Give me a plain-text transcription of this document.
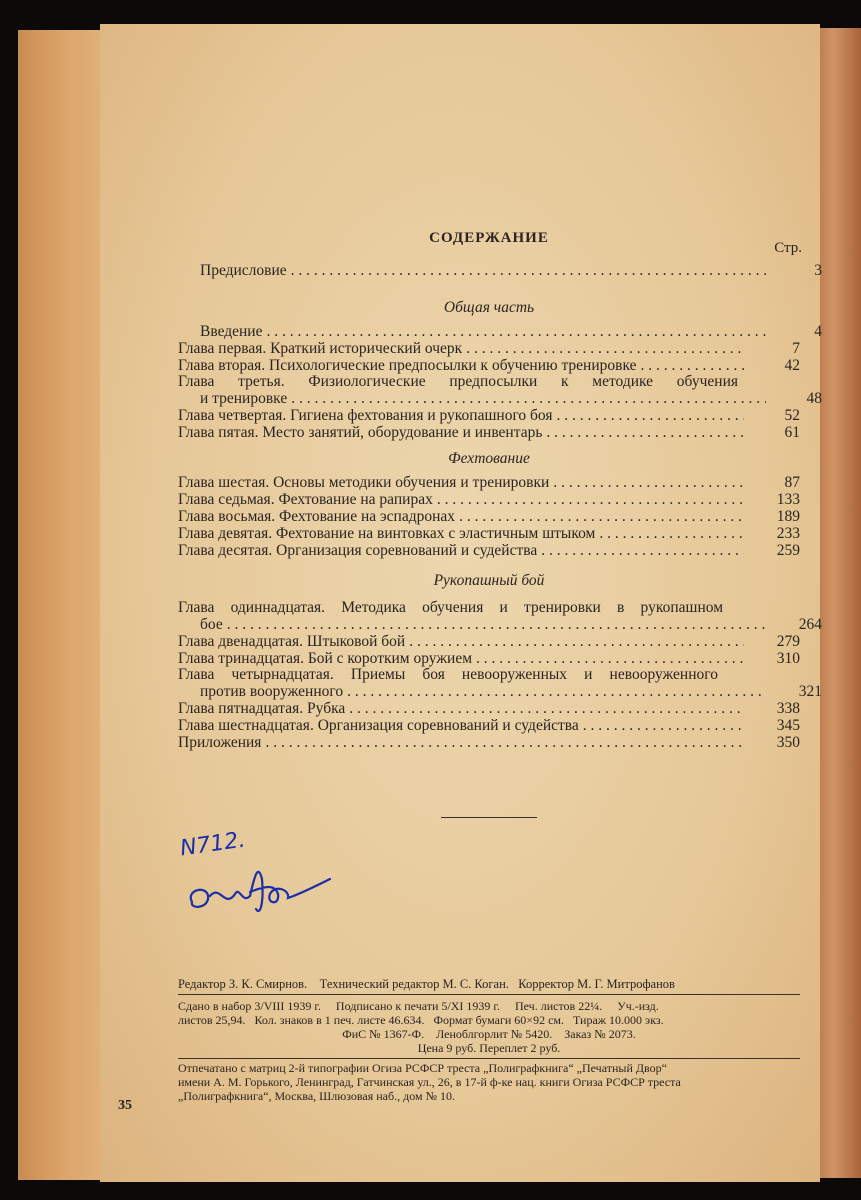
СОДЕРЖАНИЕ
Стр.
Предисловие . . .	3
Общая часть
Введение . . .	4
Глава первая. Краткий исторический очерк . . .	7
Глава вторая. Психологические предпосылки к обучению тренировке . . .	42
Глава третья. Физиологические предпосылки к методике обучения
и тренировке . . .	48
Глава четвертая. Гигиена фехтования и рукопашного боя . . .	52
Глава пятая. Место занятий, оборудование и инвентарь . . .	61
Фехтование
Глава шестая. Основы методики обучения и тренировки . . .	87
Глава седьмая. Фехтование на рапирах . . .	133
Глава восьмая. Фехтование на эспадронах . . .	189
Глава девятая. Фехтование на винтовках с эластичным штыком . . .	233
Глава десятая. Организация соревнований и судейства . . .	259
Рукопашный бой
Глава одиннадцатая. Методика обучения и тренировки в рукопашном
бое . . .	264
Глава двенадцатая. Штыковой бой . . .	279
Глава тринадцатая. Бой с коротким оружием . . .	310
Глава четырнадцатая. Приемы боя невооруженных и невооруженного
против вооруженного . . .	321
Глава пятнадцатая. Рубка . . .	338
Глава шестнадцатая. Организация соревнований и судейства . . .	345
Приложения . . .	350
Редактор З. К. Смирнов.    Технический редактор М. С. Коган.   Корректор М. Г. Митрофанов
Сдано в набор 3/VIII 1939 г.     Подписано к печати 5/XI 1939 г.     Печ. листов 22¼.     Уч.-изд.
листов 25,94.   Кол. знаков в 1 печ. листе 46.634.   Формат бумаги 60×92 см.   Тираж 10.000 экз.
ФиС № 1367-Ф.    Леноблгорлит № 5420.    Заказ № 2073.
Цена 9 руб. Переплет 2 руб.
Отпечатано с матриц 2-й типографии Огиза РСФСР треста „Полиграфкнига“ „Печатный Двор“
имени А. М. Горького, Ленинград, Гатчинская ул., 26, в 17-й ф-ке нац. книги Огиза РСФСР треста
„Полиграфкнига“, Москва, Шлюзовая наб., дом № 10.
N712.
35
